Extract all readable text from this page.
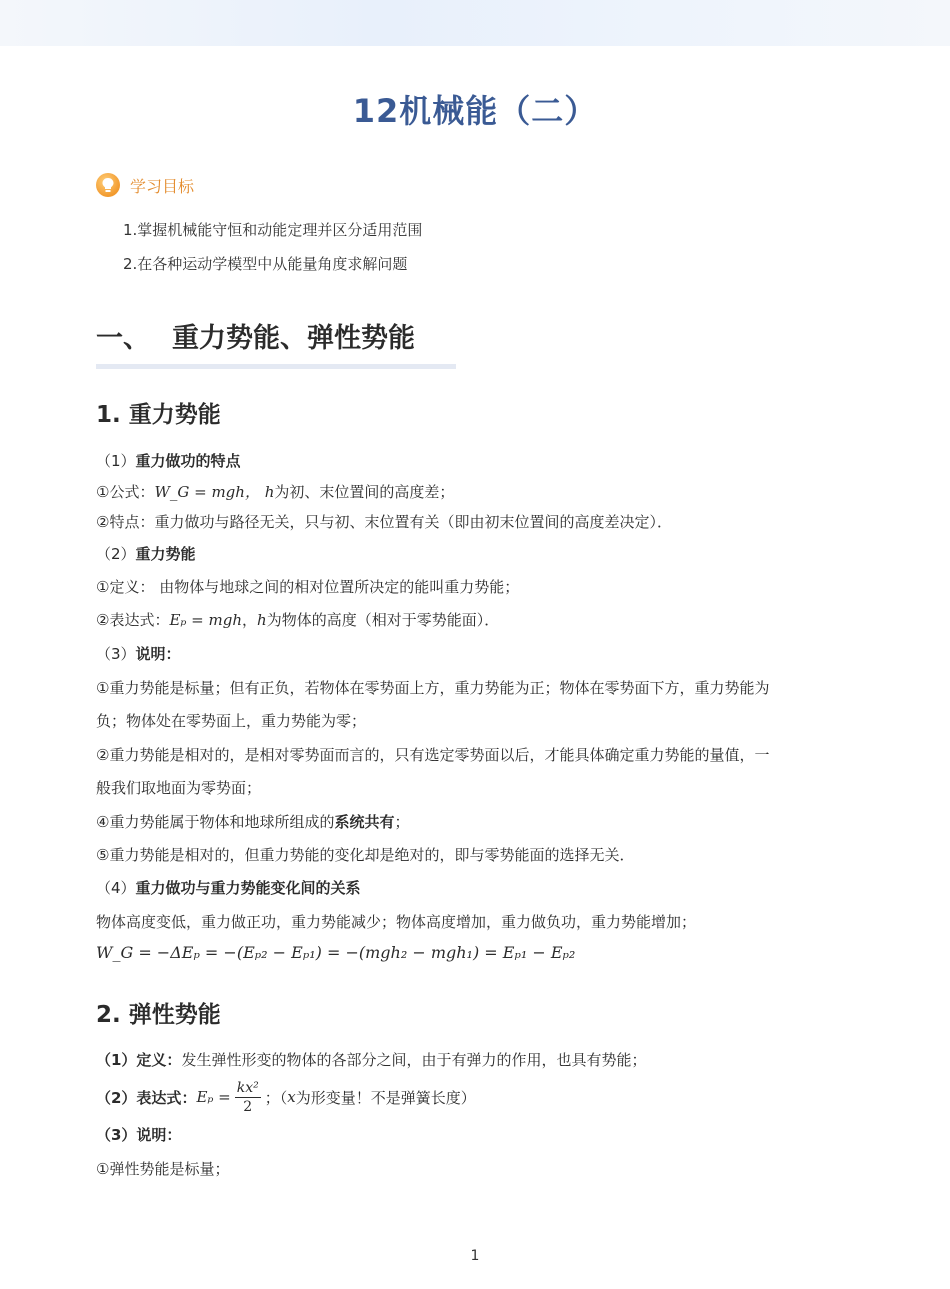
12机械能（二）
学习目标
1.掌握机械能守恒和动能定理并区分适用范围
2.在各种运动学模型中从能量角度求解问题
一、 重力势能、弹性势能
1. 重力势能
（1）重力做功的特点
①公式：W_G = mgh， h为初、末位置间的高度差；
②特点：重力做功与路径无关，只与初、末位置有关（即由初末位置间的高度差决定）．
（2）重力势能
①定义： 由物体与地球之间的相对位置所决定的能叫重力势能；
②表达式：Eₚ = mgh，h为物体的高度（相对于零势能面）．
（3）说明：
①重力势能是标量；但有正负，若物体在零势面上方，重力势能为正；物体在零势面下方，重力势能为
负；物体处在零势面上，重力势能为零；
②重力势能是相对的，是相对零势面而言的，只有选定零势面以后，才能具体确定重力势能的量值，一
般我们取地面为零势面；
④重力势能属于物体和地球所组成的系统共有；
⑤重力势能是相对的，但重力势能的变化却是绝对的，即与零势能面的选择无关．
（4）重力做功与重力势能变化间的关系
物体高度变低，重力做正功，重力势能减少；物体高度增加，重力做负功，重力势能增加；
W_G = −ΔEₚ = −(Eₚ₂ − Eₚ₁) = −(mgh₂ − mgh₁) = Eₚ₁ − Eₚ₂
2. 弹性势能
（1）定义：发生弹性形变的物体的各部分之间，由于有弹力的作用，也具有势能；
（2）表达式： $E_p = \frac{\text{kx²}}{2}$ ；（ x 为形变量！不是弹簧长度）
（3）说明：
①弹性势能是标量；
1
